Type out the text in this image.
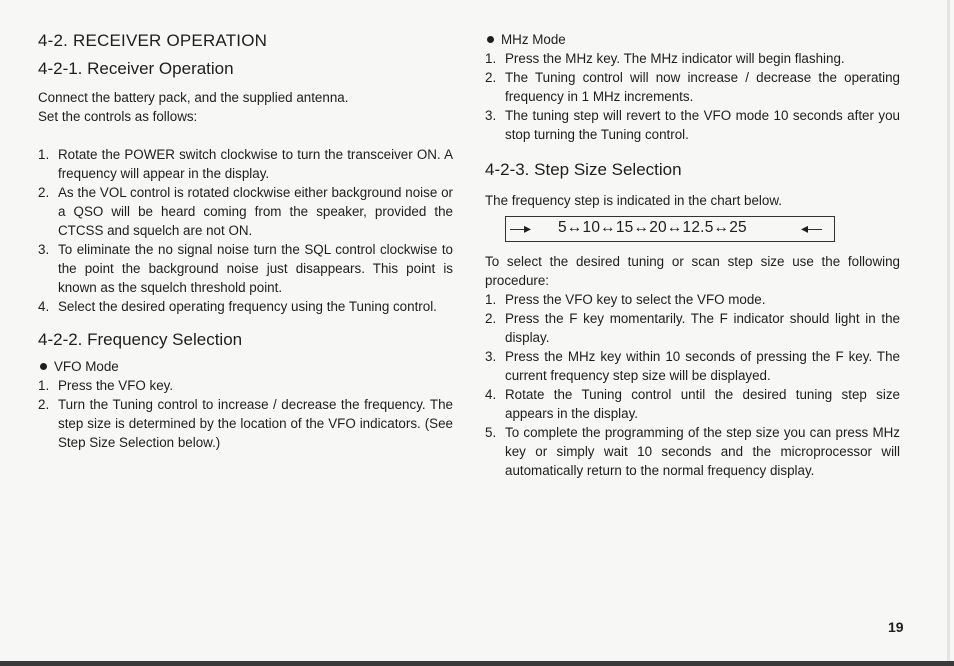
4-2. RECEIVER OPERATION
4-2-1. Receiver Operation

Connect the battery pack, and the supplied antenna.

Set the controls as follows:

1. Rotate the POWER switch clockwise to turn the transceiver ON. A frequency will appear in the display.
2. As the VOL control is rotated clockwise either background noise or a QSO will be heard coming from the speaker, provided the CTCSS and squelch are not ON.
3. To eliminate the no signal noise turn the SQL control clockwise to the point the background noise just disappears. This point is known as the squelch threshold point.
4. Select the desired operating frequency using the Tuning control.
4-2-2. Frequency Selection
VFO Mode
1. Press the VFO key.
2. Turn the Tuning control to increase / decrease the frequency. The step size is determined by the location of the VFO indicators. (See Step Size Selection below.)
MHz Mode
1. Press the MHz key. The MHz indicator will begin flashing.
2. The Tuning control will now increase / decrease the operating frequency in 1 MHz increments.
3. The tuning step will revert to the VFO mode 10 seconds after you stop turning the Tuning control.
4-2-3. Step Size Selection

The frequency step is indicated in the chart below.

—▸ 5↔10↔15↔20↔12.5↔25	◂—

To select the desired tuning or scan step size use the following procedure:

1. Press the VFO key to select the VFO mode.
2. Press the F key momentarily. The F indicator should light in the display.
3. Press the MHz key within 10 seconds of pressing the F key. The current frequency step size will be displayed.
4. Rotate the Tuning control until the desired tuning step size appears in the display.
5. To complete the programming of the step size you can press MHz key or simply wait 10 seconds and the microprocessor will automatically return to the normal frequency display.
19
